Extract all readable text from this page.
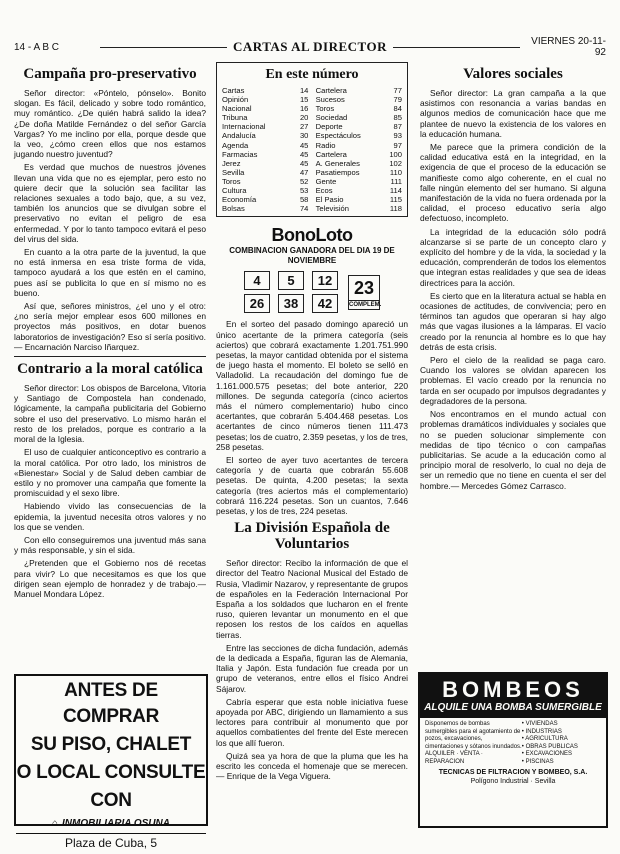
14 - A B C	CARTAS AL DIRECTOR	VIERNES 20-11-92
Campaña pro-preservativo

Señor director: «Póntelo, pónselo». Bonito slogan. Es fácil, delicado y sobre todo romántico, muy romántico. ¿De quién habrá salido la idea? ¿De doña Matilde Fernández o del señor García Vargas? Yo me inclino por ella, porque desde que la veo, ¿cómo creen ellos que nos estamos jugando nuestro juventud?

Es verdad que muchos de nuestros jóvenes llevan una vida que no es ejemplar, pero esto no quiere decir que la solución sea facilitar las relaciones sexuales a todo bajo, que, a su vez, también los anuncios que se divulgan sobre el preservativo no evitan el peligro de esa enfermedad. Y por lo tanto tampoco evitará el peso del virus del sida.

En cuanto a la otra parte de la juventud, la que no está inmersa en esa triste forma de vida, tampoco ayudará a los que estén en el camino, pues así se publicita lo que en sí mismo no es bueno.

Así que, señores ministros, ¿el uno y el otro: ¿no sería mejor emplear esos 600 millones en proyectos más positivos, en dotar buenos laboratorios de investigación? Eso sí sería positivo.— Encarnación Narciso Iñarquez.

Contrario a la moral católica

Señor director: Los obispos de Barcelona, Vitoria y Santiago de Compostela han condenado, lógicamente, la campaña publicitaria del Gobierno sobre el uso del preservativo. Lo mismo harán el resto de los prelados, porque es contrario a la moral de la Iglesia.

El uso de cualquier anticonceptivo es contrario a la moral católica. Por otro lado, los ministros de «Bienestar» Social y de Salud deben cambiar de estilo y no promover una campaña que fomente la promiscuidad y el sexo libre.

Habiendo vivido las consecuencias de la epidemia, la juventud necesita otros valores y no los que se venden.

Con ello conseguiremos una juventud más sana y más responsable, y sin el sida.

¿Pretenden que el Gobierno nos dé recetas para vivir? Lo que necesitamos es que los que dirigen sean ejemplo de honradez y de trabajo.— Manuel Mondara López.

En este número
Cartas	14
Opinión	15
Nacional	16
Tribuna	20
Internacional	27
Andalucía	30
Agenda	45
Farmacias	45
Jerez	45
Sevilla	47
Toros	52
Cultura	53
Economía	58
Bolsas	74
Cartelera	77
Sucesos	79
Toros	84
Sociedad	85
Deporte	87
Espectáculos	93
Radio	97
Cartelera	100
A. Generales	102
Pasatiempos	110
Gente	111
Ecos	114
El Pasio	115
Televisión	118
BonoLoto
COMBINACION GANADORA DEL DIA 19 DE NOVIEMBRE
4	5	12
26	38	42
23
COMPLEM.

En el sorteo del pasado domingo apareció un único acertante de la primera categoría (seis aciertos) que cobrará exactamente 1.201.751.990 pesetas, la mayor cantidad obtenida por el sistema de juego hasta el momento. El boleto se selló en Valladolid. La recaudación del domingo fue de 1.161.000.575 pesetas; del bote anterior, 220 millones. De segunda categoría (cinco aciertos más el número complementario) hubo cinco acertantes, que cobrarán 5.404.468 pesetas. Los acertantes de cinco números tienen 111.473 pesetas; los de cuatro, 2.359 pesetas, y los de tres, 258 pesetas.

El sorteo de ayer tuvo acertantes de tercera categoría y de cuarta que cobrarán 55.608 pesetas. De quinta, 4.200 pesetas; la sexta categoría (tres aciertos más el complementario) cobrará 116.224 pesetas. Son un cuantos, 7.646 pesetas, y los de tres, 224 pesetas.

La División Española de Voluntarios

Señor director: Recibo la información de que el director del Teatro Nacional Musical del Estado de Rusia, Vladimir Nazarov, y representante de grupos de españoles en la Federación Internacional Por España a los soldados que lucharon en el frente ruso, quieren levantar un monumento en el que reposen los restos de los caídos en aquellas tierras.

Entre las secciones de dicha fundación, además de la dedicada a España, figuran las de Alemania, Italia y Japón. Esta fundación fue creada por un grupo de veteranos, entre ellos el físico Andrei Sájarov.

Cabría esperar que esta noble iniciativa fuese apoyada por ABC, dirigiendo un llamamiento a sus lectores para contribuir al monumento que por aquellos combatientes del frente del Este merecen los que allí fueron.

Quizá sea ya hora de que la pluma que les ha escrito les conceda el homenaje que se merecen.— Enrique de la Vega Viguera.

Valores sociales

Señor director: La gran campaña a la que asistimos con resonancia a varias bandas en algunos medios de comunicación hace que me plantee de nuevo la existencia de los valores en la educación humana.

Me parece que la primera condición de la calidad educativa está en la integridad, en la exigencia de que el proceso de la educación se manifieste como algo coherente, en el cual no falle ningún elemento del ser humano. Si alguna manifestación de la vida no fuera ordenada por la calidad, el proceso educativo sería algo defectuoso, incompleto.

La integridad de la educación sólo podrá alcanzarse si se parte de un concepto claro y explícito del hombre y de la vida, la sociedad y la educación, comprenderán de todos los elementos que integran estas realidades y que sea de ideas directrices para la acción.

Es cierto que en la literatura actual se habla en ocasiones de actitudes, de convivencia; pero en términos tan agudos que operaran si hay algo más que vagas ilusiones a la lámparas. El vacío creado por la renuncia al hombre es lo que hay detrás de esta crisis.

Pero el cielo de la realidad se paga caro. Cuando los valores se olvidan aparecen los problemas. El vacío creado por la renuncia no tarda en ser ocupado por impulsos degradantes y degradadores de la persona.

Nos encontramos en el mundo actual con problemas dramáticos individuales y sociales que no se pueden solucionar simplemente con medidas de tipo técnico o con campañas publicitarias. Se acude a la educación como al principio moral de resolverlo, lo cual no deja de ser un remedio que no tiene en cuenta el ser del hombre.— Mercedes Gómez Carrasco.

ANTES DE COMPRAR
SU PISO, CHALET
O LOCAL CONSULTE
CON
⌂ INMOBILIARIA OSUNA
Plaza de Cuba, 5
BOMBEOS
ALQUILE UNA BOMBA SUMERGIBLE
Disponemos de bombas sumergibles para el agotamiento de pozos, excavaciones, cimentaciones y sótanos inundados. ALQUILER · VENTA · REPARACION
• VIVIENDAS
• INDUSTRIAS
• AGRICULTURA
• OBRAS PUBLICAS
• EXCAVACIONES
• PISCINAS
TECNICAS DE FILTRACION Y BOMBEO, S.A.
Polígono Industrial · Sevilla
